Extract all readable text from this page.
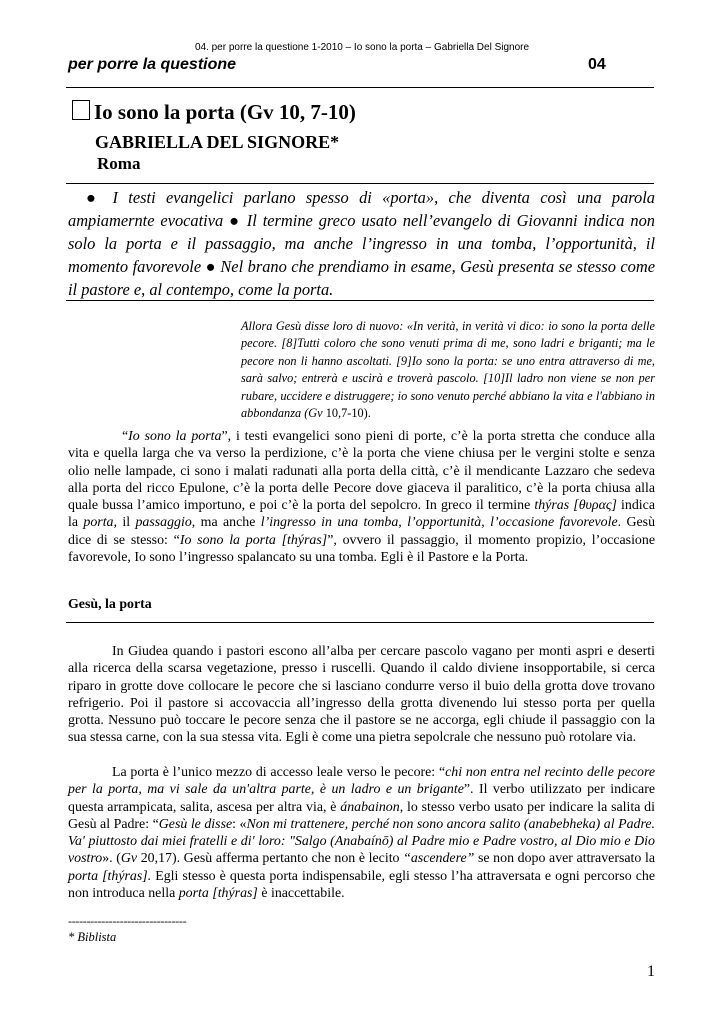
04. per porre la questione 1-2010 – Io sono la porta – Gabriella Del Signore
per porre la questione	04
Io sono la porta (Gv 10, 7-10)
GABRIELLA DEL SIGNORE*
Roma

● I testi evangelici parlano spesso di «porta», che diventa così una parola ampiamernte evocativa ● Il termine greco usato nell’evangelo di Giovanni indica non solo la porta e il passaggio, ma anche l’ingresso in una tomba, l’opportunità, il momento favorevole ● Nel brano che prendiamo in esame, Gesù presenta se stesso come il pastore e, al contempo, come la porta.

Allora Gesù disse loro di nuovo: «In verità, in verità vi dico: io sono la porta delle pecore. [8]Tutti coloro che sono venuti prima di me, sono ladri e briganti; ma le pecore non li hanno ascoltati. [9]Io sono la porta: se uno entra attraverso di me, sarà salvo; entrerà e uscirà e troverà pascolo. [10]Il ladro non viene se non per rubare, uccidere e distruggere; io sono venuto perché abbiano la vita e l'abbiano in abbondanza (Gv 10,7-10).

“Io sono la porta”, i testi evangelici sono pieni di porte, c’è la porta stretta che conduce alla vita e quella larga che va verso la perdizione, c’è la porta che viene chiusa per le vergini stolte e senza olio nelle lampade, ci sono i malati radunati alla porta della città, c’è il mendicante Lazzaro che sedeva alla porta del ricco Epulone, c’è la porta delle Pecore dove giaceva il paralitico, c’è la porta chiusa alla quale bussa l’amico importuno, e poi c’è la porta del sepolcro. In greco il termine thýras [θυρας] indica la porta, il passaggio, ma anche l’ingresso in una tomba, l’opportunità, l’occasione favorevole. Gesù dice di se stesso: “Io sono la porta [thýras]”, ovvero il passaggio, il momento propizio, l’occasione favorevole, Io sono l’ingresso spalancato su una tomba. Egli è il Pastore e la Porta.

Gesù, la porta

In Giudea quando i pastori escono all’alba per cercare pascolo vagano per monti aspri e deserti alla ricerca della scarsa vegetazione, presso i ruscelli. Quando il caldo diviene insopportabile, si cerca riparo in grotte dove collocare le pecore che si lasciano condurre verso il buio della grotta dove trovano refrigerio. Poi il pastore si accovaccia all’ingresso della grotta divenendo lui stesso porta per quella grotta. Nessuno può toccare le pecore senza che il pastore se ne accorga, egli chiude il passaggio con la sua stessa carne, con la sua stessa vita. Egli è come una pietra sepolcrale che nessuno può rotolare via.

La porta è l’unico mezzo di accesso leale verso le pecore: “chi non entra nel recinto delle pecore per la porta, ma vi sale da un'altra parte, è un ladro e un brigante”. Il verbo utilizzato per indicare questa arrampicata, salita, ascesa per altra via, è ánabainon, lo stesso verbo usato per indicare la salita di Gesù al Padre: “Gesù le disse: «Non mi trattenere, perché non sono ancora salito (anabebheka) al Padre. Va' piuttosto dai miei fratelli e di' loro: "Salgo (Anabaínō) al Padre mio e Padre vostro, al Dio mio e Dio vostro». (Gv 20,17). Gesù afferma pertanto che non è lecito “ascendere” se non dopo aver attraversato la porta [thýras]. Egli stesso è questa porta indispensabile, egli stesso l’ha attraversata e ogni percorso che non introduca nella porta [thýras] è inaccettabile.

--------------------------------
* Biblista
1
